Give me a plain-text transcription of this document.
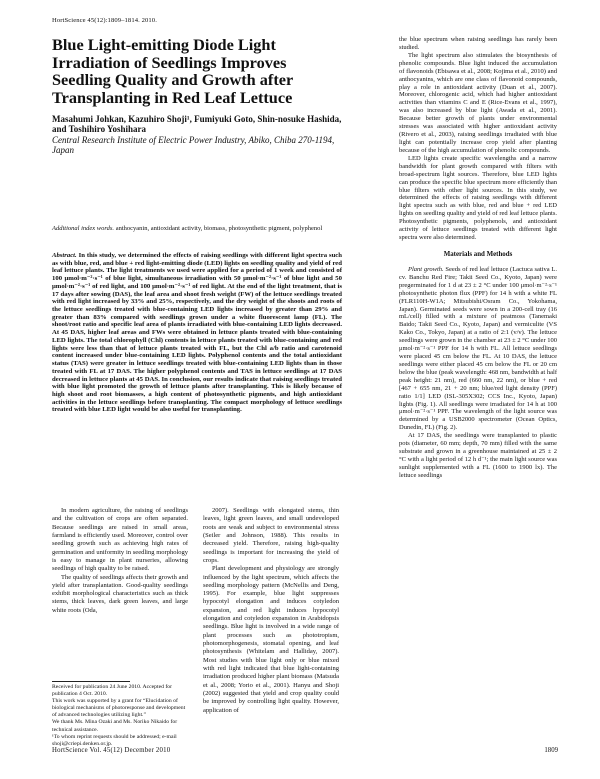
HortScience 45(12):1809–1814. 2010.
Blue Light-emitting Diode Light Irradiation of Seedlings Improves Seedling Quality and Growth after Transplanting in Red Leaf Lettuce
Masahumi Johkan, Kazuhiro Shoji¹, Fumiyuki Goto, Shin-nosuke Hashida, and Toshihiro Yoshihara
Central Research Institute of Electric Power Industry, Abiko, Chiba 270-1194, Japan
Additional index words. anthocyanin, antioxidant activity, biomass, photosynthetic pigment, polyphenol
Abstract. In this study, we determined the effects of raising seedlings with different light spectra such as with blue, red, and blue + red light-emitting diode (LED) lights on seedling quality and yield of red leaf lettuce plants. The light treatments we used were applied for a period of 1 week and consisted of 100 μmol·m⁻²·s⁻¹ of blue light, simultaneous irradiation with 50 μmol·m⁻²·s⁻¹ of blue light and 50 μmol·m⁻²·s⁻¹ of red light, and 100 μmol·m⁻²·s⁻¹ of red light. At the end of the light treatment, that is 17 days after sowing (DAS), the leaf area and shoot fresh weight (FW) of the lettuce seedlings treated with red light increased by 33% and 25%, respectively, and the dry weight of the shoots and roots of the lettuce seedlings treated with blue-containing LED lights increased by greater than 29% and greater than 83% compared with seedlings grown under a white fluorescent lamp (FL). The shoot/root ratio and specific leaf area of plants irradiated with blue-containing LED lights decreased. At 45 DAS, higher leaf areas and FWs were obtained in lettuce plants treated with blue-containing LED lights. The total chlorophyll (Chl) contents in lettuce plants treated with blue-containing and red lights were less than that of lettuce plants treated with FL, but the Chl a/b ratio and carotenoid content increased under blue-containing LED lights. Polyphenol contents and the total antioxidant status (TAS) were greater in lettuce seedlings treated with blue-containing LED lights than in those treated with FL at 17 DAS. The higher polyphenol contents and TAS in lettuce seedlings at 17 DAS decreased in lettuce plants at 45 DAS. In conclusion, our results indicate that raising seedlings treated with blue light promoted the growth of lettuce plants after transplanting. This is likely because of high shoot and root biomasses, a high content of photosynthetic pigments, and high antioxidant activities in the lettuce seedlings before transplanting. The compact morphology of lettuce seedlings treated with blue LED light would be also useful for transplanting.

In modern agriculture, the raising of seedlings and the cultivation of crops are often separated. Because seedlings are raised in small areas, farmland is efficiently used. Moreover, control over seedling growth such as achieving high rates of germination and uniformity in seedling morphology is easy to manage in plant nurseries, allowing seedlings of high quality to be raised.

The quality of seedlings affects their growth and yield after transplantation. Good-quality seedlings exhibit morphological characteristics such as thick stems, thick leaves, dark green leaves, and large white roots (Oda,

2007). Seedlings with elongated stems, thin leaves, light green leaves, and small undeveloped roots are weak and subject to environmental stress (Seiler and Johnson, 1988). This results in decreased yield. Therefore, raising high-quality seedlings is important for increasing the yield of crops.

Plant development and physiology are strongly influenced by the light spectrum, which affects the seedling morphology pattern (McNellis and Deng, 1995). For example, blue light suppresses hypocotyl elongation and induces cotyledon expansion, and red light induces hypocotyl elongation and cotyledon expansion in Arabidopsis seedlings. Blue light is involved in a wide range of plant processes such as phototropism, photomorphogenesis, stomatal opening, and leaf photosynthesis (Whitelam and Halliday, 2007). Most studies with blue light only or blue mixed with red light indicated that blue light-containing irradiation produced higher plant biomass (Matsuda et al., 2008; Yorio et al., 2001). Hanyu and Shoji (2002) suggested that yield and crop quality could be improved by controlling light quality. However, application of

the blue spectrum when raising seedlings has rarely been studied.

The light spectrum also stimulates the biosynthesis of phenolic compounds. Blue light induced the accumulation of flavonoids (Ebisawa et al., 2008; Kojima et al., 2010) and anthocyanins, which are one class of flavonoid compounds, play a role in antioxidant activity (Duan et al., 2007). Moreover, chlorogenic acid, which had higher antioxidant activities than vitamins C and E (Rice-Evans et al., 1997), was also increased by blue light (Awada et al., 2001). Because better growth of plants under environmental stresses was associated with higher antioxidant activity (Rivero et al., 2003), raising seedlings irradiated with blue light can potentially increase crop yield after planting because of the high accumulation of phenolic compounds.

LED lights create specific wavelengths and a narrow bandwidth for plant growth compared with filters with broad-spectrum light sources. Therefore, blue LED lights can produce the specific blue spectrum more efficiently than blue filters with other light sources. In this study, we determined the effects of raising seedlings with different light spectra such as with blue, red and blue + red LED lights on seedling quality and yield of red leaf lettuce plants. Photosynthetic pigments, polyphenols, and antioxidant activity of lettuce seedlings treated with different light spectra were also determined.

Materials and Methods

Plant growth. Seeds of red leaf lettuce (Lactuca sativa L. cv. Banchu Red Fire; Takii Seed Co., Kyoto, Japan) were pregerminated for 1 d at 23 ± 2 °C under 100 μmol·m⁻²·s⁻¹ photosynthetic photon flux (PPF) for 14 h with a white FL (FLR110H-W1A; Mitsubishi/Osram Co., Yokohama, Japan). Germinated seeds were sown in a 200-cell tray (16 mL/cell) filled with a mixture of peatmoss (Tanemaki Baido; Takii Seed Co., Kyoto, Japan) and vermiculite (VS Kako Co., Tokyo, Japan) at a ratio of 2:1 (v/v). The lettuce seedlings were grown in the chamber at 23 ± 2 °C under 100 μmol·m⁻²·s⁻¹ PPF for 14 h with FL. All lettuce seedlings were placed 45 cm below the FL. At 10 DAS, the lettuce seedlings were either placed 45 cm below the FL or 20 cm below the blue (peak wavelength: 468 nm, bandwidth at half peak height: 21 nm), red (660 nm, 22 nm), or blue + red [467 + 655 nm, 21 + 20 nm; blue/red light density (PPF) ratio 1/1] LED (ISL-305X302; CCS Inc., Kyoto, Japan) lights (Fig. 1). All seedlings were irradiated for 14 h at 100 μmol·m⁻²·s⁻¹ PPF. The wavelength of the light source was determined by a USB2000 spectrometer (Ocean Optics, Dunedin, FL) (Fig. 2).

At 17 DAS, the seedlings were transplanted to plastic pots (diameter, 60 mm; depth, 70 mm) filled with the same substrate and grown in a greenhouse maintained at 25 ± 2 °C with a light period of 12 h d⁻¹; the main light source was sunlight supplemented with a FL (1600 to 1900 lx). The lettuce seedlings

Received for publication 24 June 2010. Accepted for publication 4 Oct. 2010.

This work was supported by a grant for “Elucidation of biological mechanisms of photoresponse and development of advanced technologies utilizing light.”

We thank Ms. Mina Ozaki and Ms. Noriko Nikaido for technical assistance.

¹To whom reprint requests should be addressed; e-mail shoji@criepi.denken.or.jp.

HortScience Vol. 45(12) December 2010	1809
